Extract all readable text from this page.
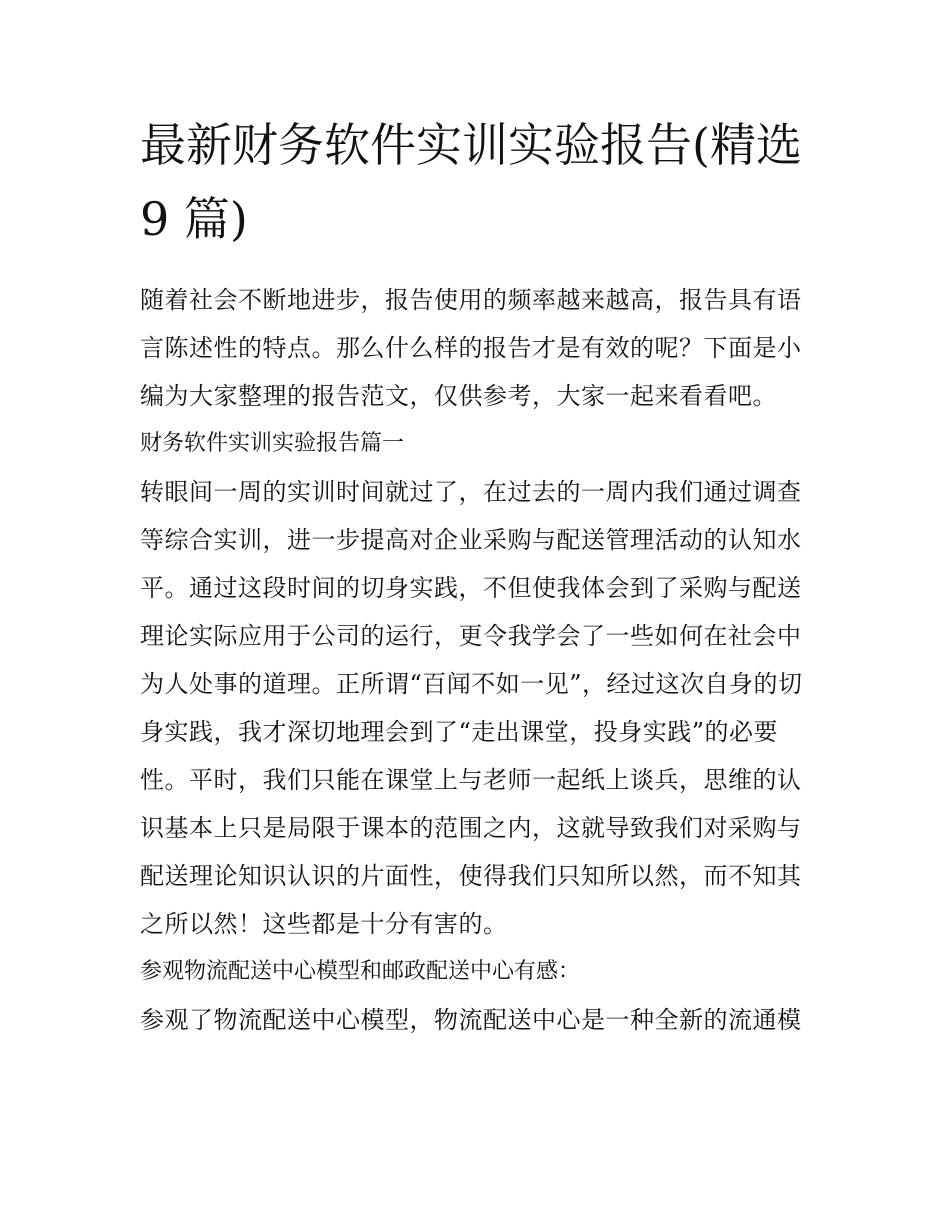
最新财务软件实训实验报告(精选 9 篇)

随着社会不断地进步，报告使用的频率越来越高，报告具有语言陈述性的特点。那么什么样的报告才是有效的呢？下面是小编为大家整理的报告范文，仅供参考，大家一起来看看吧。

财务软件实训实验报告篇一

转眼间一周的实训时间就过了，在过去的一周内我们通过调查等综合实训，进一步提高对企业采购与配送管理活动的认知水平。通过这段时间的切身实践，不但使我体会到了采购与配送理论实际应用于公司的运行，更令我学会了一些如何在社会中为人处事的道理。正所谓“百闻不如一见”，经过这次自身的切身实践，我才深切地理会到了“走出课堂，投身实践”的必要性。平时，我们只能在课堂上与老师一起纸上谈兵，思维的认识基本上只是局限于课本的范围之内，这就导致我们对采购与配送理论知识认识的片面性，使得我们只知所以然，而不知其之所以然！这些都是十分有害的。

参观物流配送中心模型和邮政配送中心有感：

参观了物流配送中心模型，物流配送中心是一种全新的流通模
